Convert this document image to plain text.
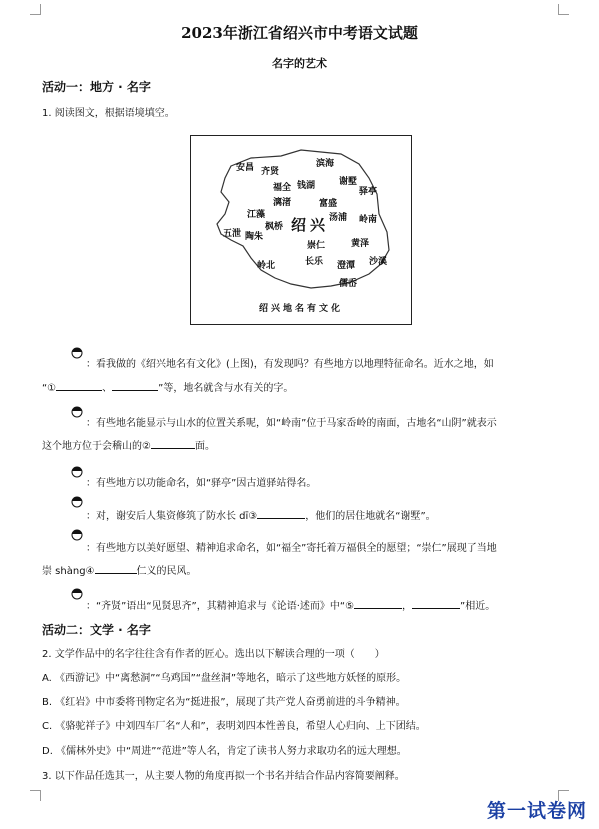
2023年浙江省绍兴市中考语文试题
名字的艺术
活动一：地方 · 名字
1. 阅读图文，根据语境填空。
安昌 齐贤
滨海
谢墅
福全 钱湖
驿亭
漓渚	富盛
江藻	汤浦 岭南
五泄 陶朱
枫桥 绍兴
崇仁	黄泽
长乐 澄潭 沙溪
岭北
儒岙
绍兴地名有文化
：看我做的《绍兴地名有文化》(上图)，有发现吗？有些地方以地理特征命名。近水之地，如
“①	、	”等，地名就含与水有关的字。
：有些地名能显示与山水的位置关系呢，如“岭南”位于马家岙岭的南面，古地名“山阴”就表示
这个地方位于会稽山的②	面。
：有些地方以功能命名，如“驿亭”因古道驿站得名。
：对，谢安后人集资修筑了防水长 dī③	，他们的居住地就名“谢墅”。
：有些地方以美好愿望、精神追求命名，如“福全”寄托着万福俱全的愿望；“崇仁”展现了当地
崇 shàng④	仁义的民风。
：“齐贤”语出“见贤思齐”，其精神追求与《论语·述而》中“⑤	，	”相近。
活动二：文学 · 名字
2. 文学作品中的名字往往含有作者的匠心。选出以下解读合理的一项（　　）
A. 《西游记》中“离愁洞”“乌鸡国”“盘丝洞”等地名，暗示了这些地方妖怪的原形。
B. 《红岩》中市委将刊物定名为“挺进报”，展现了共产党人奋勇前进的斗争精神。
C. 《骆驼祥子》中刘四车厂名“人和”，表明刘四本性善良，希望人心归向、上下团结。
D. 《儒林外史》中“周进”“范进”等人名，肯定了读书人努力求取功名的远大理想。
3. 以下作品任选其一，从主要人物的角度再拟一个书名并结合作品内容简要阐释。
第一试卷网
